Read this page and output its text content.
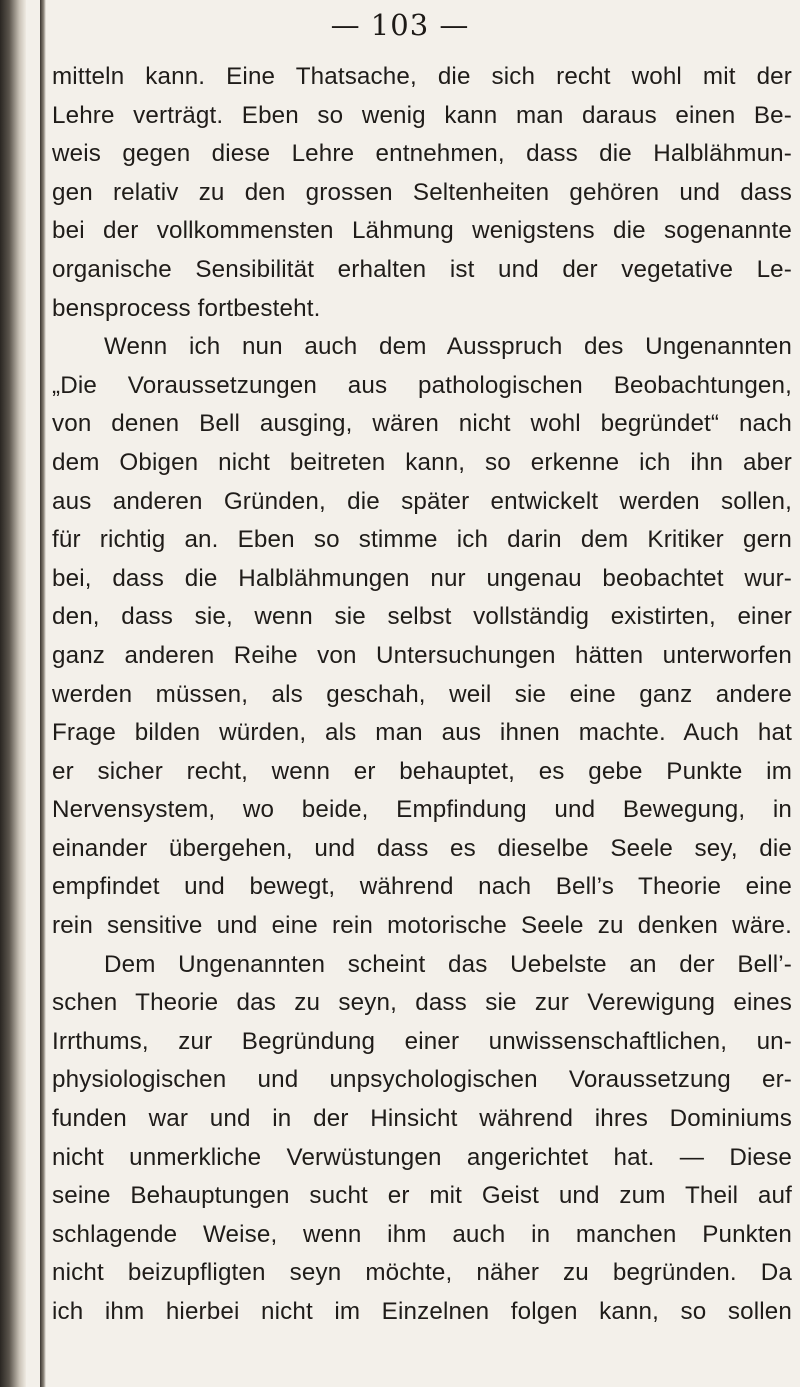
— 103 —
mitteln kann. Eine Thatsache, die sich recht wohl mit der
Lehre verträgt. Eben so wenig kann man daraus einen Be-
weis gegen diese Lehre entnehmen, dass die Halblähmun-
gen relativ zu den grossen Seltenheiten gehören und dass
bei der vollkommensten Lähmung wenigstens die sogenannte
organische Sensibilität erhalten ist und der vegetative Le-
bensprocess fortbesteht.
Wenn ich nun auch dem Ausspruch des Ungenannten
„Die Voraussetzungen aus pathologischen Beobachtungen,
von denen Bell ausging, wären nicht wohl begründet“ nach
dem Obigen nicht beitreten kann, so erkenne ich ihn aber
aus anderen Gründen, die später entwickelt werden sollen,
für richtig an. Eben so stimme ich darin dem Kritiker gern
bei, dass die Halblähmungen nur ungenau beobachtet wur-
den, dass sie, wenn sie selbst vollständig existirten, einer
ganz anderen Reihe von Untersuchungen hätten unterworfen
werden müssen, als geschah, weil sie eine ganz andere
Frage bilden würden, als man aus ihnen machte. Auch hat
er sicher recht, wenn er behauptet, es gebe Punkte im
Nervensystem, wo beide, Empfindung und Bewegung, in
einander übergehen, und dass es dieselbe Seele sey, die
empfindet und bewegt, während nach Bell’s Theorie eine
rein sensitive und eine rein motorische Seele zu denken wäre.
Dem Ungenannten scheint das Uebelste an der Bell’-
schen Theorie das zu seyn, dass sie zur Verewigung eines
Irrthums, zur Begründung einer unwissenschaftlichen, un-
physiologischen und unpsychologischen Voraussetzung er-
funden war und in der Hinsicht während ihres Dominiums
nicht unmerkliche Verwüstungen angerichtet hat. — Diese
seine Behauptungen sucht er mit Geist und zum Theil auf
schlagende Weise, wenn ihm auch in manchen Punkten
nicht beizupfligten seyn möchte, näher zu begründen. Da
ich ihm hierbei nicht im Einzelnen folgen kann, so sollen
